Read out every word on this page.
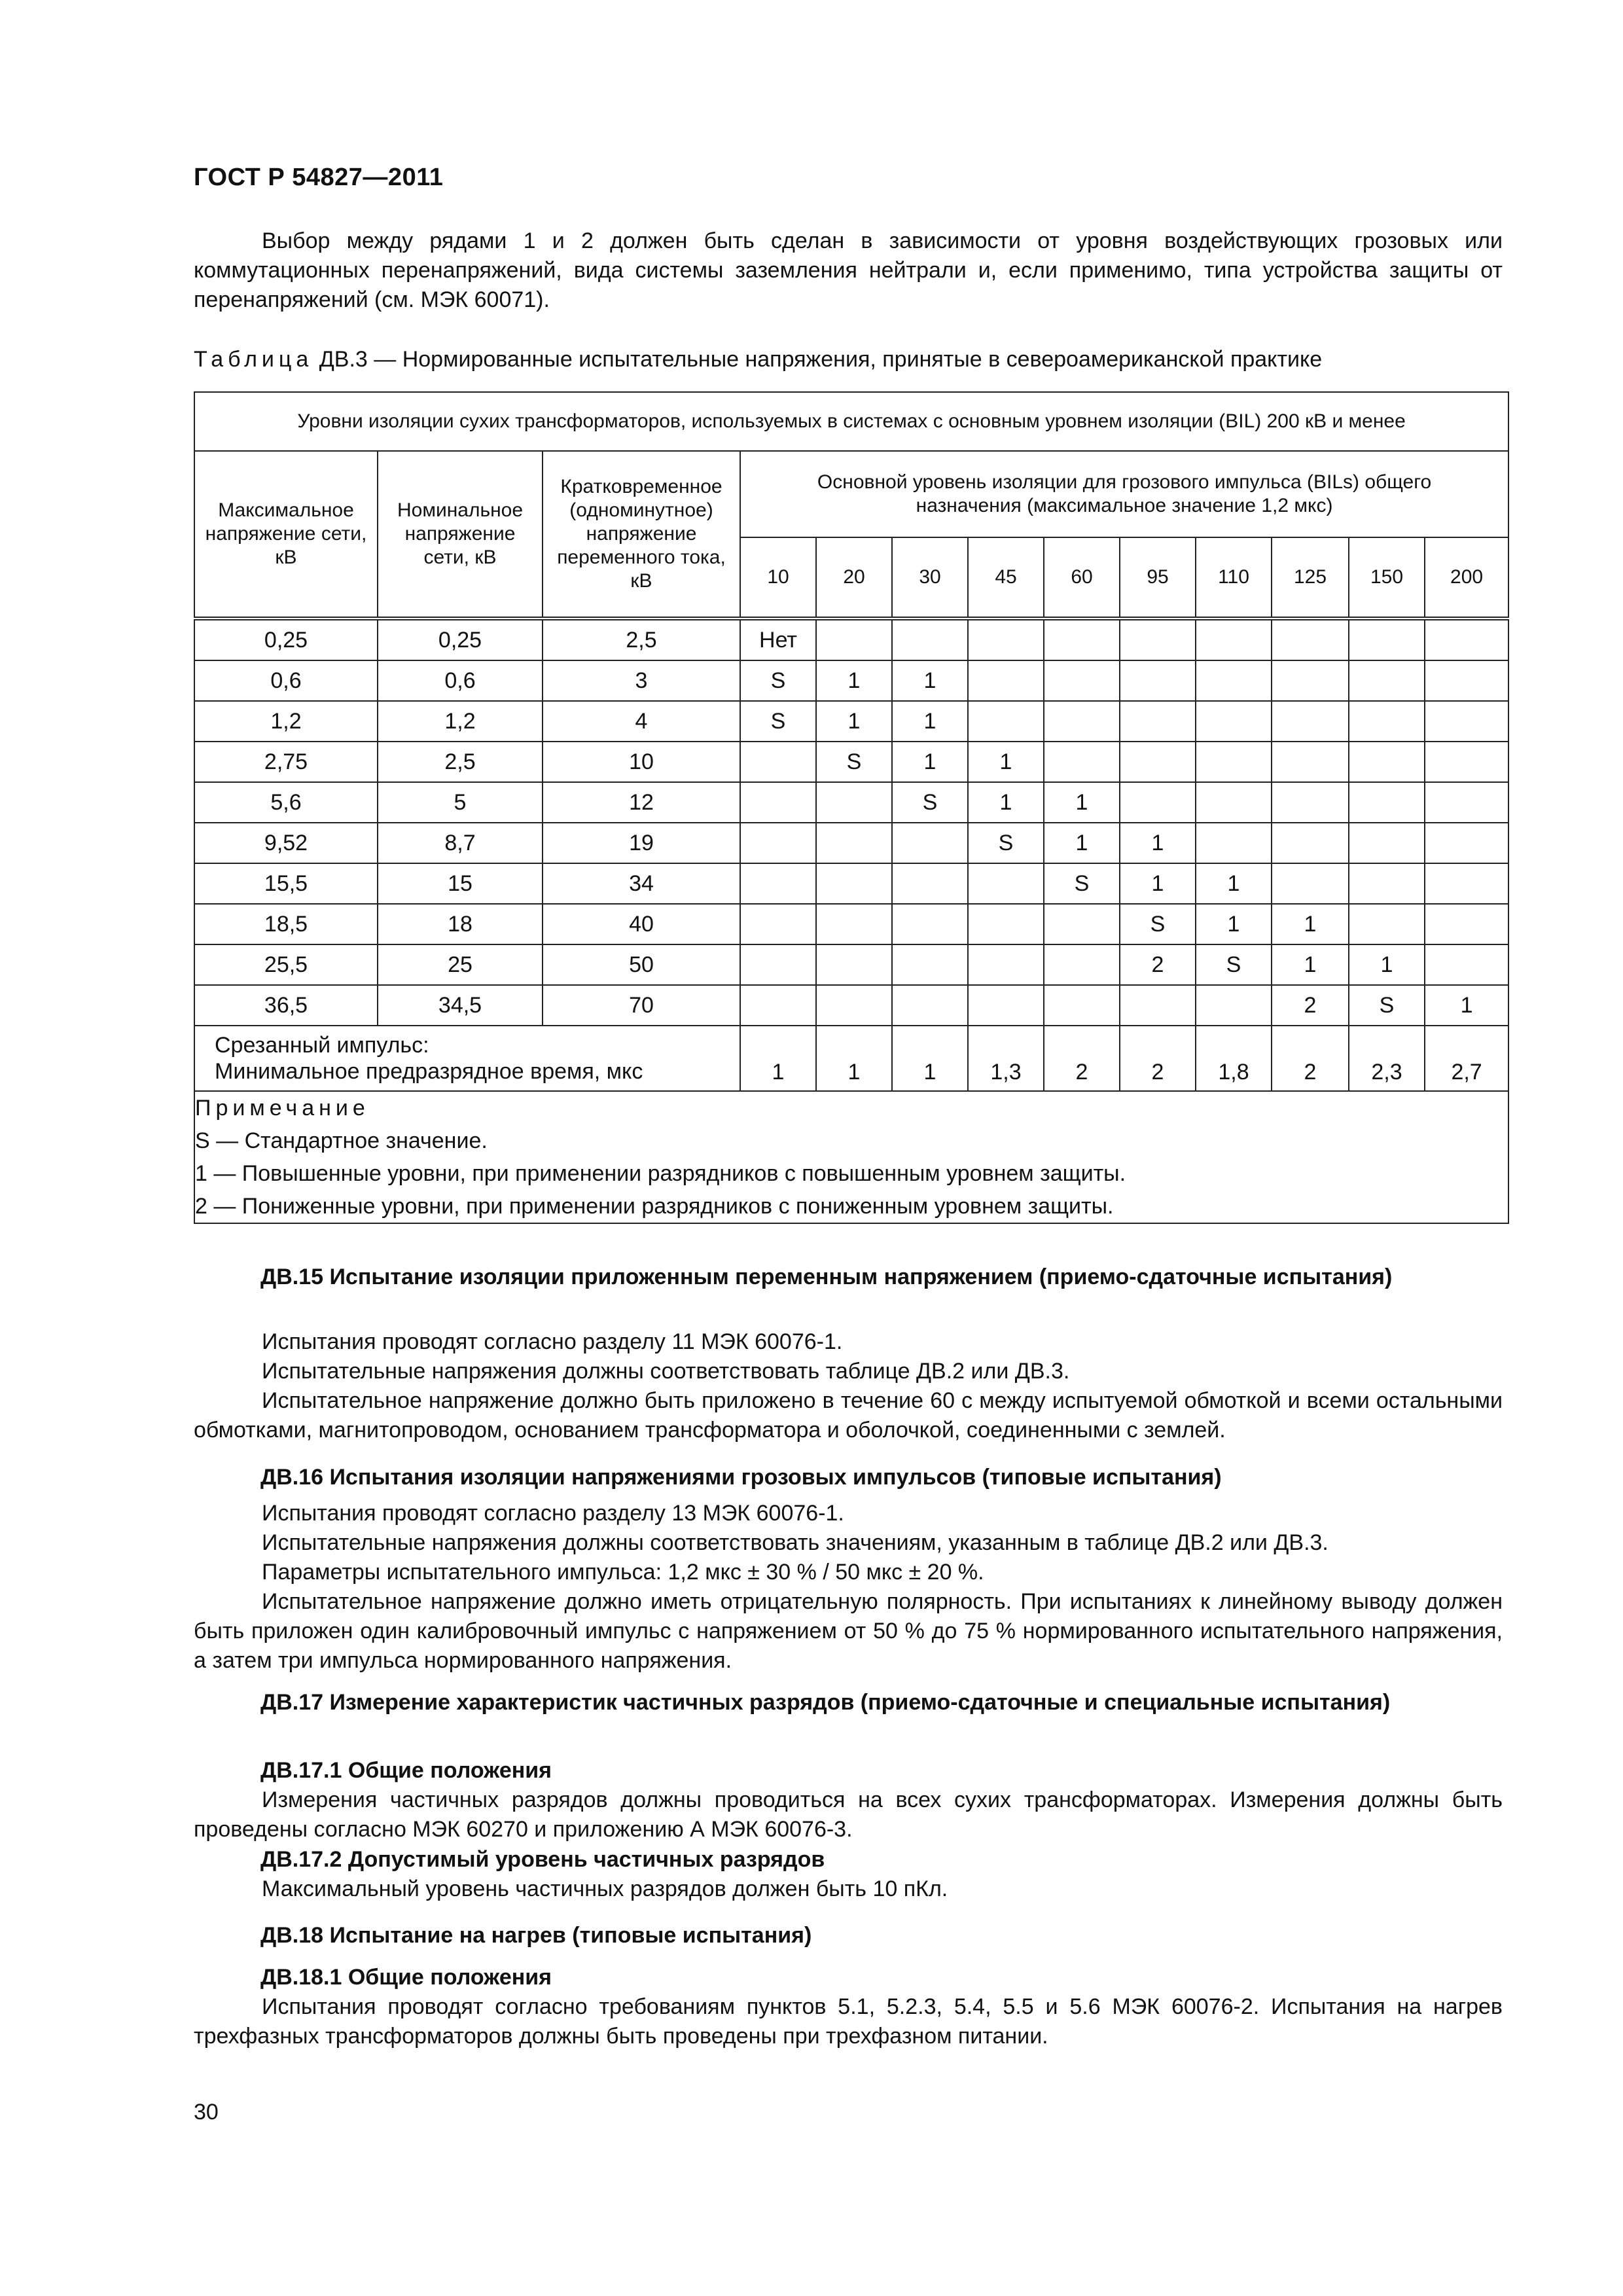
ГОСТ Р 54827—2011

Выбор между рядами 1 и 2 должен быть сделан в зависимости от уровня воздействующих грозовых или коммутационных перенапряжений, вида системы заземления нейтрали и, если применимо, типа устройства защиты от перенапряжений (см. МЭК 60071).

Таблица ДВ.3 — Нормированные испытательные напряжения, принятые в североамериканской практике
Уровни изоляции сухих трансформаторов, используемых в системах с основным уровнем изоляции (BIL) 200 кВ и менее												
Максимальное напряжение сети, кВ	Номинальное напряжение сети, кВ	Кратковременное (одноминутное) напряжение переменного тока, кВ	Основной уровень изоляции для грозового импульса (BILs) общего назначения (максимальное значение 1,2 мкс)									
			10	20	30	45	60	95	110	125	150	200
0,25	0,25	2,5	Нет									
0,6	0,6	3	S	1	1							
1,2	1,2	4	S	1	1							
2,75	2,5	10		S	1	1						
5,6	5	12			S	1	1					
9,52	8,7	19				S	1	1				
15,5	15	34					S	1	1			
18,5	18	40						S	1	1		
25,5	25	50						2	S	1	1	
36,5	34,5	70								2	S	1

Срезанный импульс:
Минимальное предразрядное время, мкс			1	1	1	1,3	2	2	1,8	2	2,3	2,7

Примечание
S — Стандартное значение.
1 — Повышенные уровни, при применении разрядников с повышенным уровнем защиты.
2 — Пониженные уровни, при применении разрядников с пониженным уровнем защиты.												
ДВ.15 Испытание изоляции приложенным переменным напряжением (приемо-сдаточные испытания)

Испытания проводят согласно разделу 11 МЭК 60076-1.

Испытательные напряжения должны соответствовать таблице ДВ.2 или ДВ.3.

Испытательное напряжение должно быть приложено в течение 60 с между испытуемой обмоткой и всеми остальными обмотками, магнитопроводом, основанием трансформатора и оболочкой, соединенными с землей.

ДВ.16 Испытания изоляции напряжениями грозовых импульсов (типовые испытания)

Испытания проводят согласно разделу 13 МЭК 60076-1.

Испытательные напряжения должны соответствовать значениям, указанным в таблице ДВ.2 или ДВ.3.

Параметры испытательного импульса: 1,2 мкс ± 30 % / 50 мкс ± 20 %.

Испытательное напряжение должно иметь отрицательную полярность. При испытаниях к линейному выводу должен быть приложен один калибровочный импульс с напряжением от 50 % до 75 % нормированного испытательного напряжения, а затем три импульса нормированного напряжения.

ДВ.17 Измерение характеристик частичных разрядов (приемо-сдаточные и специальные испытания)
ДВ.17.1 Общие положения

Измерения частичных разрядов должны проводиться на всех сухих трансформаторах. Измерения должны быть проведены согласно МЭК 60270 и приложению А МЭК 60076-3.

ДВ.17.2 Допустимый уровень частичных разрядов

Максимальный уровень частичных разрядов должен быть 10 пКл.

ДВ.18 Испытание на нагрев (типовые испытания)
ДВ.18.1 Общие положения

Испытания проводят согласно требованиям пунктов 5.1, 5.2.3, 5.4, 5.5 и 5.6 МЭК 60076-2. Испытания на нагрев трехфазных трансформаторов должны быть проведены при трехфазном питании.

30
